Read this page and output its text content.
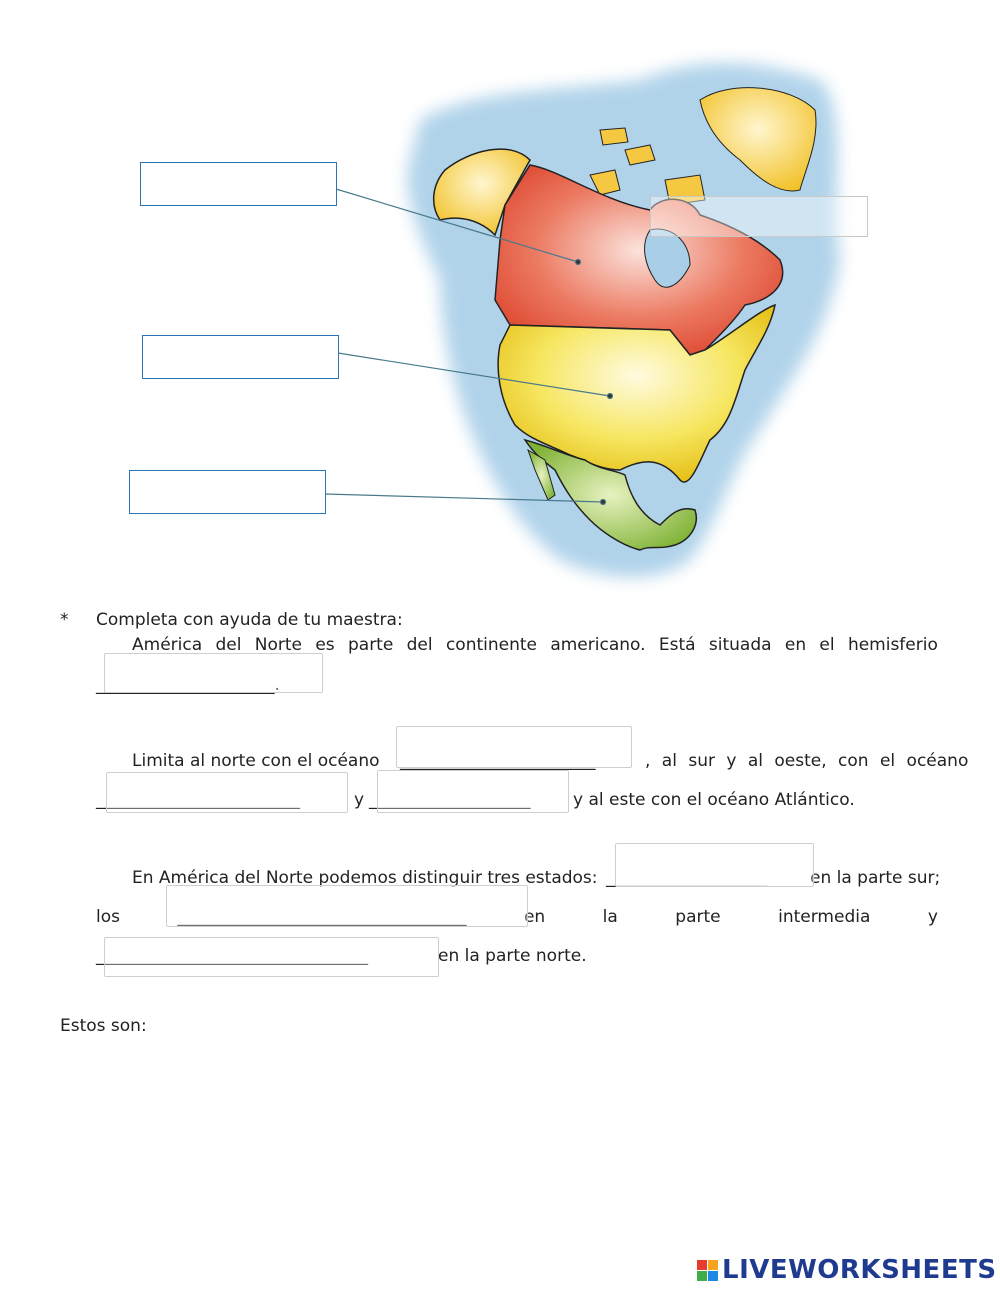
* Completa con ayuda de tu maestra:
América del Norte es parte del continente americano. Está situada en el hemisferio
_____________________.
Limita al norte con el océano _______________________	, al sur y al oeste, con el océano
________________________	y ___________________	y al este con el océano Atlántico.
En América del Norte podemos distinguir tres estados: ___________________	en la parte sur;
los	__________________________________	en	la	parte	intermedia	y
________________________________	en la parte norte.
Estos son:
LIVEWORKSHEETS
